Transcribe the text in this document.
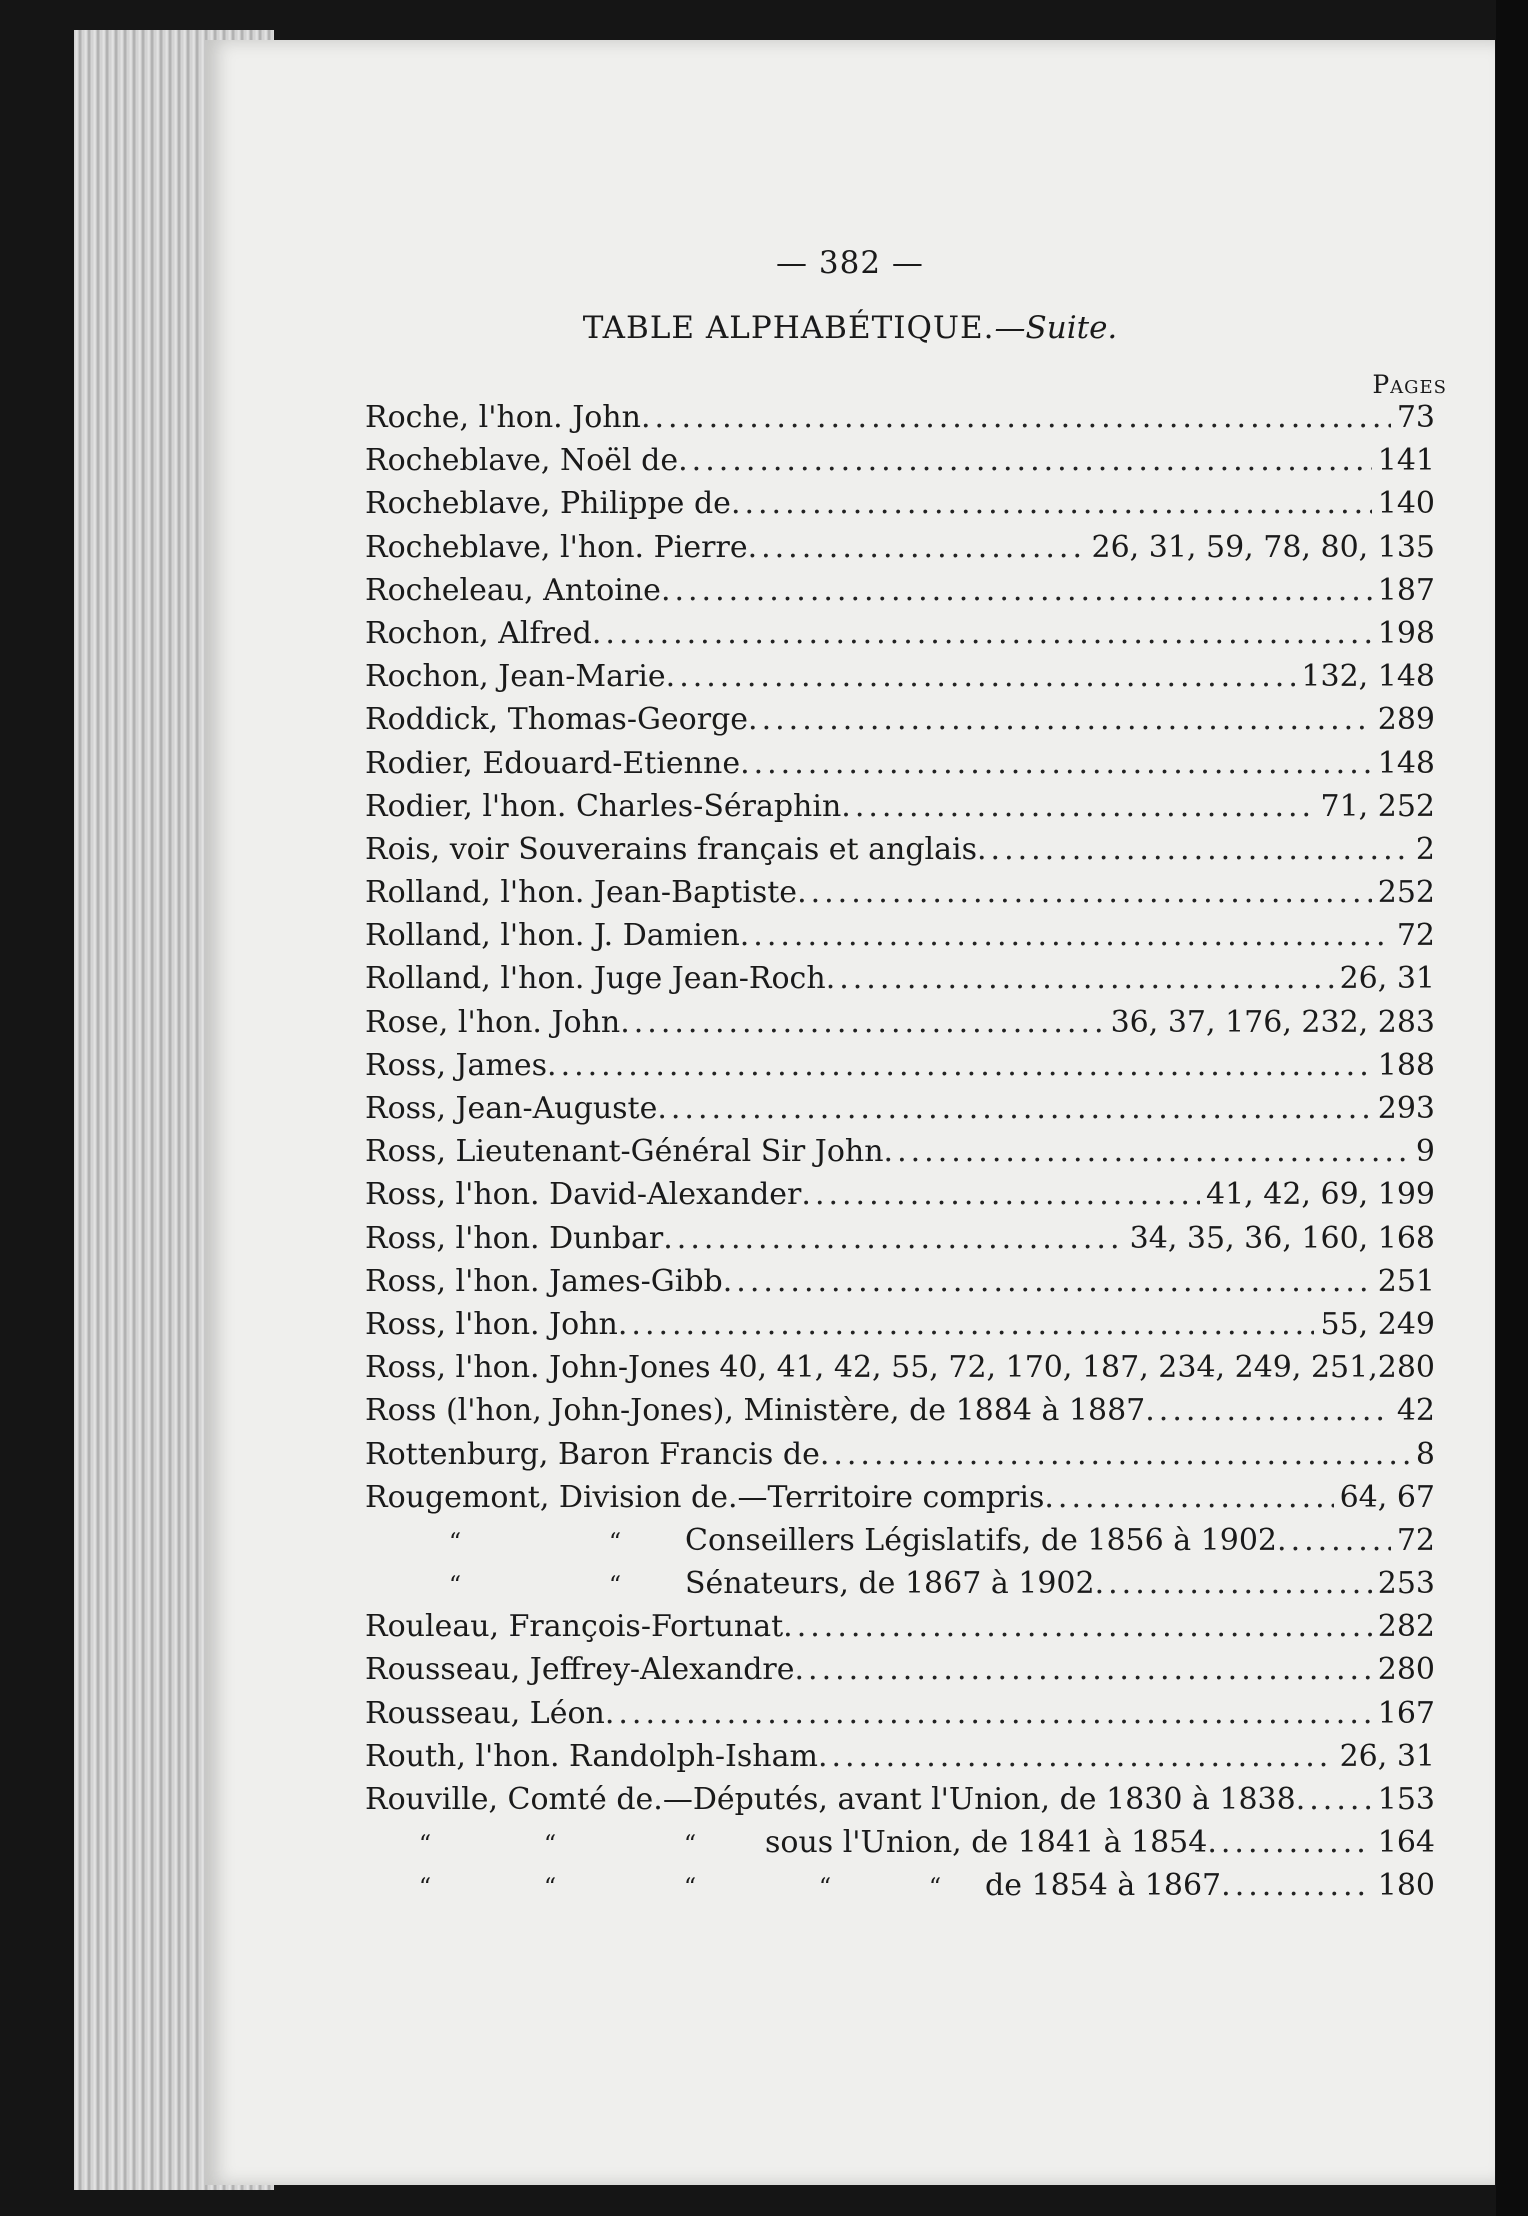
— 382 —
TABLE ALPHABÉTIQUE.—Suite.
Pages
Roche, l'hon. John .....	73
Rocheblave, Noël de .....	141
Rocheblave, Philippe de .....	140
Rocheblave, l'hon. Pierre .....	26, 31, 59, 78, 80, 135
Rocheleau, Antoine .....	187
Rochon, Alfred .....	198
Rochon, Jean-Marie .....	132, 148
Roddick, Thomas-George .....	289
Rodier, Edouard-Etienne .....	148
Rodier, l'hon. Charles-Séraphin .....	71, 252
Rois, voir Souverains français et anglais .....	2
Rolland, l'hon. Jean-Baptiste .....	252
Rolland, l'hon. J. Damien .....	72
Rolland, l'hon. Juge Jean-Roch .....	26, 31
Rose, l'hon. John .....	36, 37, 176, 232, 283
Ross, James .....	188
Ross, Jean-Auguste .....	293
Ross, Lieutenant-Général Sir John .....	9
Ross, l'hon. David-Alexander .....	41, 42, 69, 199
Ross, l'hon. Dunbar .....	34, 35, 36, 160, 168
Ross, l'hon. James-Gibb .....	251
Ross, l'hon. John .....	55, 249
Ross, l'hon. John-Jones ..... 40, 41, 42, 55, 72, 170, 187, 234, 249, 251,280
Ross (l'hon, John-Jones), Ministère, de 1884 à 1887 .....	42
Rottenburg, Baron Francis de .....	8
Rougemont, Division de.—Territoire compris .....	64, 67
“	“ Conseillers Législatifs, de 1856 à 1902 .....	72
“	“ Sénateurs, de 1867 à 1902 .....	253
Rouleau, François-Fortunat .....	282
Rousseau, Jeffrey-Alexandre .....	280
Rousseau, Léon .....	167
Routh, l'hon. Randolph-Isham .....	26, 31
Rouville, Comté de.—Députés, avant l'Union, de 1830 à 1838 .....	153
“	“	“ sous l'Union, de 1841 à 1854 .....	164
“	“	“	“	“ de 1854 à 1867 .....	180
